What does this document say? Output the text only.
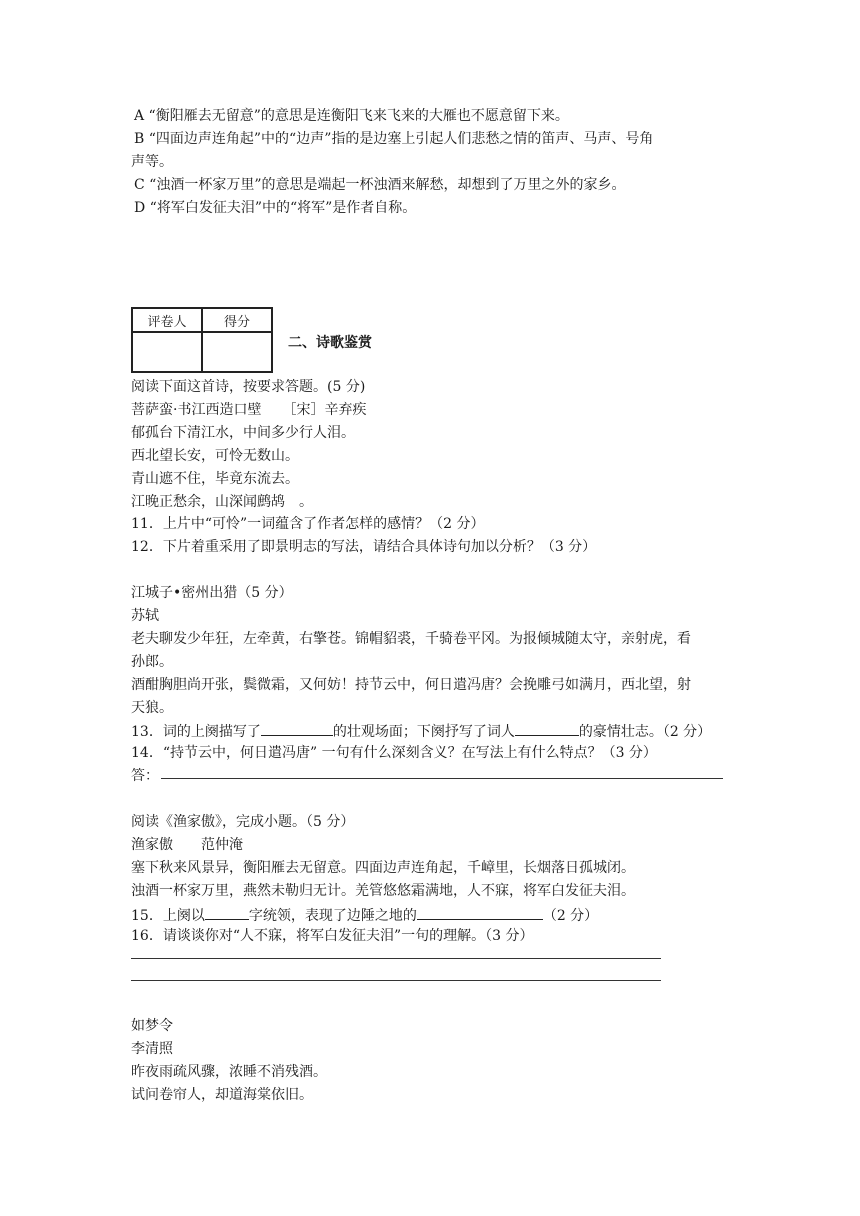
A “衡阳雁去无留意”的意思是连衡阳飞来飞来的大雁也不愿意留下来。
B “四面边声连角起”中的“边声”指的是边塞上引起人们悲愁之情的笛声、马声、号角
声等。
C “浊酒一杯家万里”的意思是端起一杯浊酒来解愁，却想到了万里之外的家乡。
D “将军白发征夫泪”中的“将军”是作者自称。
评卷人	得分

二、诗歌鉴赏
阅读下面这首诗，按要求答题。(5 分)
菩萨蛮·书江西造口壁　　［宋］辛弃疾
郁孤台下清江水，中间多少行人泪。
西北望长安，可怜无数山。
青山遮不住，毕竟东流去。
江晚正愁余，山深闻鹧鸪　。
11．上片中“可怜”一词蕴含了作者怎样的感情？（2 分）
12．下片着重采用了即景明志的写法，请结合具体诗句加以分析？（3 分）
江城子•密州出猎（5 分）
苏轼
老夫聊发少年狂，左牵黄，右擎苍。锦帽貂裘，千骑卷平冈。为报倾城随太守，亲射虎，看
孙郎。
酒酣胸胆尚开张，鬓微霜，又何妨！持节云中，何日遣冯唐？会挽雕弓如满月，西北望，射
天狼。
13．词的上阕描写了	的壮观场面；下阕抒写了词人	的豪情壮志。（2 分）
14．“持节云中，何日遣冯唐” 一句有什么深刻含义？在写法上有什么特点？（3 分）
答：
阅读《渔家傲》，完成小题。（5 分）
渔家傲　　范仲淹
塞下秋来风景异，衡阳雁去无留意。四面边声连角起，千嶂里，长烟落日孤城闭。
浊酒一杯家万里，燕然未勒归无计。羌管悠悠霜满地，人不寐，将军白发征夫泪。
15．上阕以	字统领，表现了边陲之地的	（2 分）
16．请谈谈你对“人不寐，将军白发征夫泪”一句的理解。（3 分）
如梦令
李清照
昨夜雨疏风骤，浓睡不消残酒。
试问卷帘人，却道海棠依旧。
